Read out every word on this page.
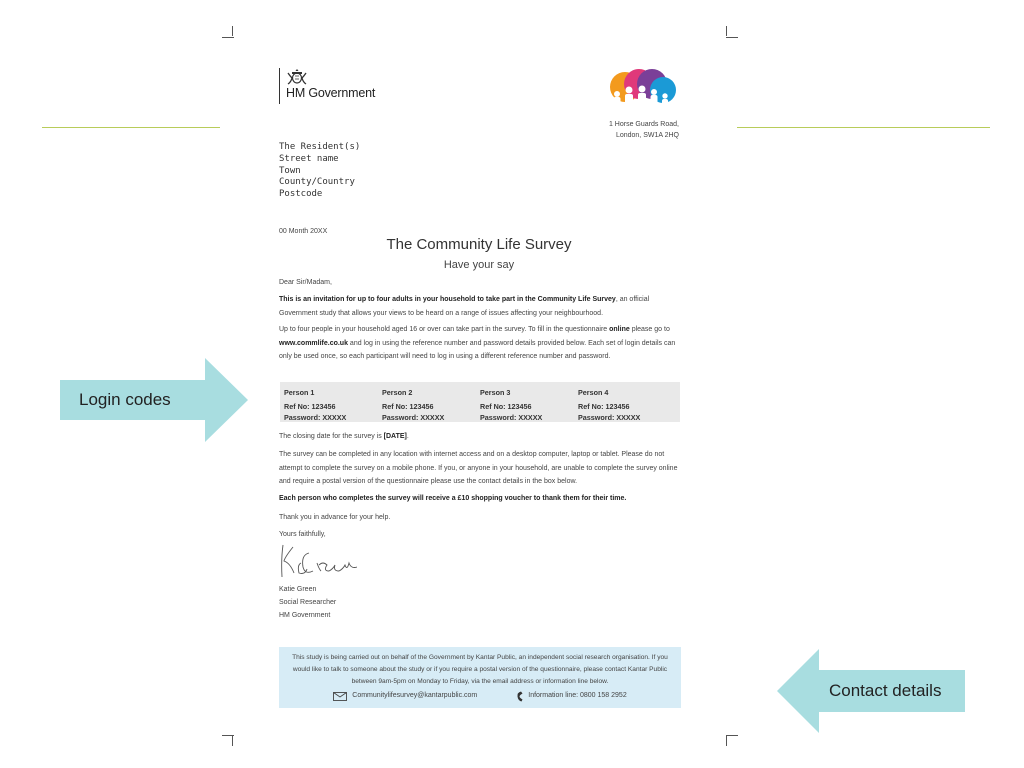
HM Government
1 Horse Guards Road,
London, SW1A 2HQ
The Resident(s)
Street name
Town
County/Country
Postcode
00 Month 20XX
The Community Life Survey
Have your say
Dear Sir/Madam,
This is an invitation for up to four adults in your household to take part in the Community Life Survey, an official Government study that allows your views to be heard on a range of issues affecting your neighbourhood.
Up to four people in your household aged 16 or over can take part in the survey. To fill in the questionnaire online please go to www.commlife.co.uk and log in using the reference number and password details provided below. Each set of login details can only be used once, so each participant will need to log in using a different reference number and password.
Person 1
Ref No: 123456
Password: XXXXX
Person 2
Ref No: 123456
Password: XXXXX
Person 3
Ref No: 123456
Password: XXXXX
Person 4
Ref No: 123456
Password: XXXXX
The closing date for the survey is [DATE].
The survey can be completed in any location with internet access and on a desktop computer, laptop or tablet. Please do not attempt to complete the survey on a mobile phone. If you, or anyone in your household, are unable to complete the survey online and require a postal version of the questionnaire please use the contact details in the box below.
Each person who completes the survey will receive a £10 shopping voucher to thank them for their time.
Thank you in advance for your help.
Yours faithfully,
Katie Green
Social Researcher
HM Government
This study is being carried out on behalf of the Government by Kantar Public, an independent social research organisation. If you would like to talk to someone about the study or if you require a postal version of the questionnaire, please contact Kantar Public between 9am-5pm on Monday to Friday, via the email address or information line below.
Communitylifesurvey@kantarpublic.com	Information line: 0800 158 2952
Login codes
Contact details
